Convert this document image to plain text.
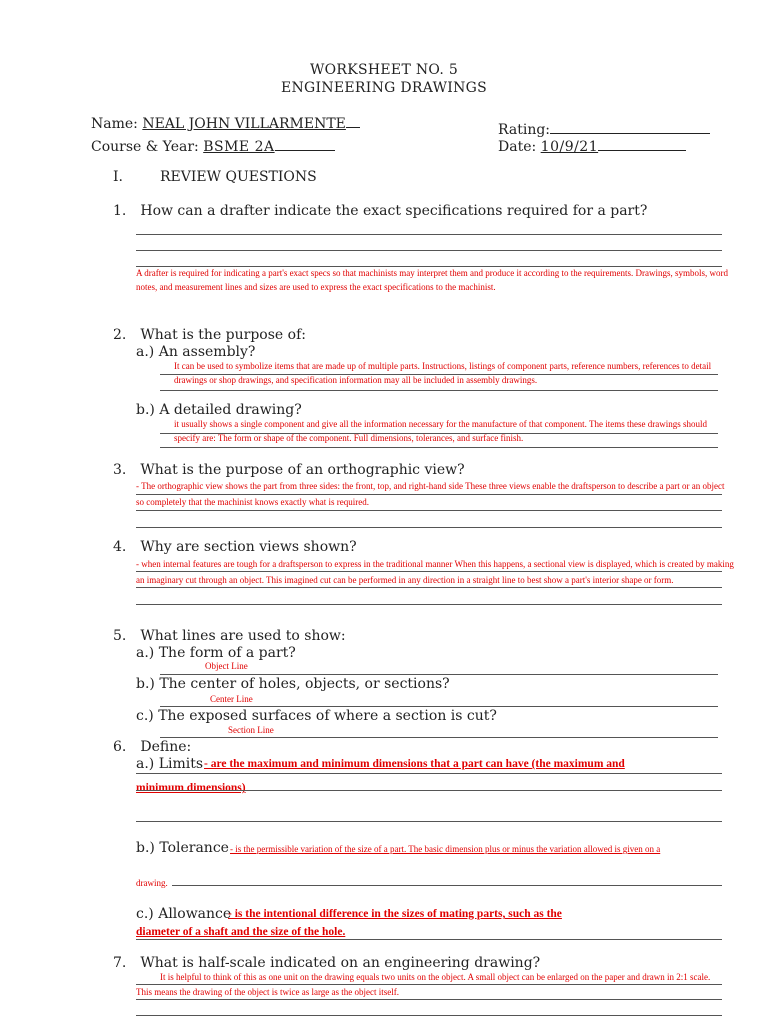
WORKSHEET NO. 5
ENGINEERING DRAWINGS
Name: NEAL JOHN VILLARMENTE
Course & Year: BSME 2A
Rating:
Date: 10/9/21
I.	REVIEW QUESTIONS
1. How can a drafter indicate the exact specifications required for a part?
A drafter is required for indicating a part's exact specs so that machinists may interpret them and produce it according to the requirements. Drawings, symbols, word notes, and measurement lines and sizes are used to express the exact specifications to the machinist.
2. What is the purpose of:
a.) An assembly?
It can be used to symbolize items that are made up of multiple parts. Instructions, listings of component parts, reference numbers, references to detail drawings or shop drawings, and specification information may all be included in assembly drawings.
b.) A detailed drawing?
it usually shows a single component and give all the information necessary for the manufacture of that component. The items these drawings should specify are: The form or shape of the component. Full dimensions, tolerances, and surface finish.
3. What is the purpose of an orthographic view?
- The orthographic view shows the part from three sides: the front, top, and right-hand side These three views enable the draftsperson to describe a part or an object so completely that the machinist knows exactly what is required.
4. Why are section views shown?
- when internal features are tough for a draftsperson to express in the traditional manner When this happens, a sectional view is displayed, which is created by making an imaginary cut through an object. This imagined cut can be performed in any direction in a straight line to best show a part's interior shape or form.
5. What lines are used to show:
a.) The form of a part?
Object Line
b.) The center of holes, objects, or sections?
Center Line
c.) The exposed surfaces of where a section is cut?
Section Line
6. Define:
a.) Limits - are the maximum and minimum dimensions that a part can have (the maximum and
minimum dimensions)
b.) Tolerance - is the permissible variation of the size of a part. The basic dimension plus or minus the variation allowed is given on a
drawing.
c.) Allowance
- is the intentional difference in the sizes of mating parts, such as the
diameter of a shaft and the size of the hole.
7. What is half-scale indicated on an engineering drawing?
It is helpful to think of this as one unit on the drawing equals two units on the object. A small object can be enlarged on the paper and drawn in 2:1 scale.
This means the drawing of the object is twice as large as the object itself.
